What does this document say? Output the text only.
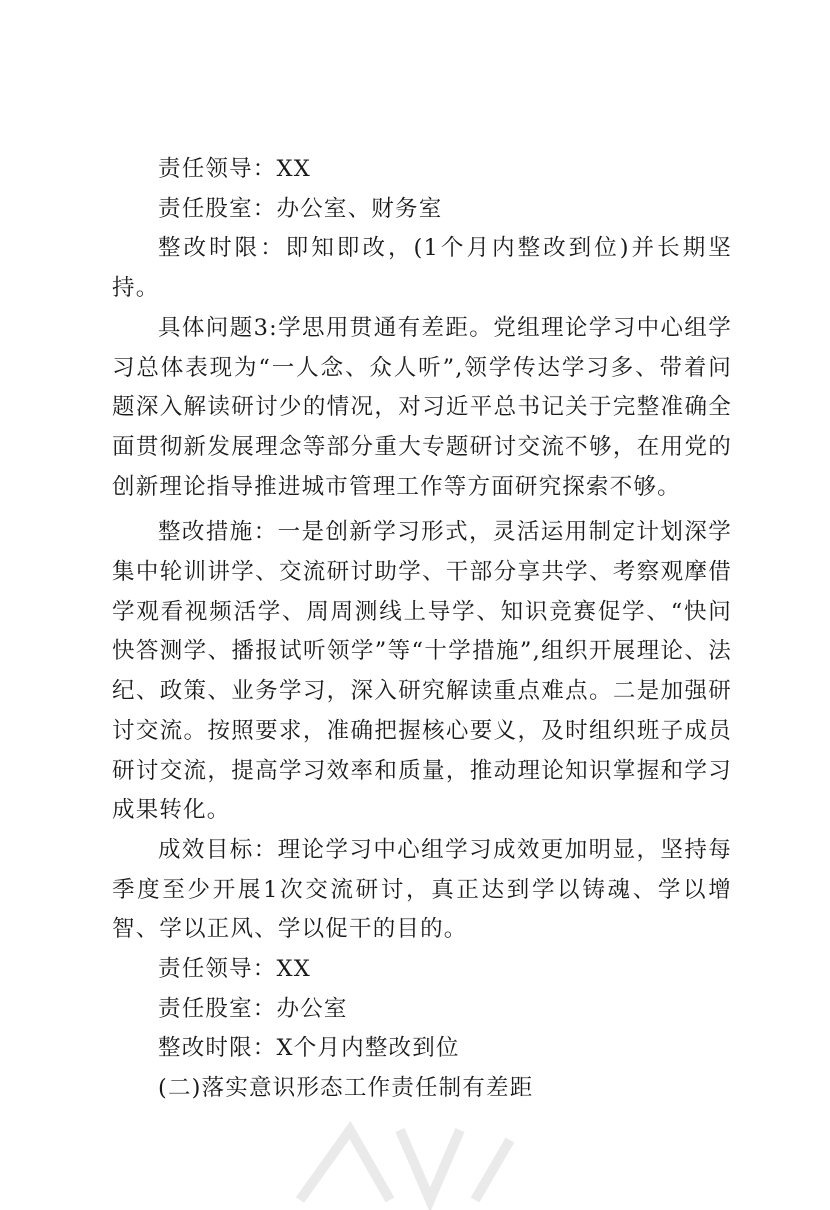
责任领导：XX

责任股室：办公室、财务室

整改时限：即知即改，(1个月内整改到位)并长期坚持。

具体问题3:学思用贯通有差距。党组理论学习中心组学习总体表现为“一人念、众人听”,领学传达学习多、带着问题深入解读研讨少的情况，对习近平总书记关于完整准确全面贯彻新发展理念等部分重大专题研讨交流不够，在用党的创新理论指导推进城市管理工作等方面研究探索不够。

整改措施：一是创新学习形式，灵活运用制定计划深学集中轮训讲学、交流研讨助学、干部分享共学、考察观摩借学观看视频活学、周周测线上导学、知识竞赛促学、“快问快答测学、播报试听领学”等“十学措施”,组织开展理论、法纪、政策、业务学习，深入研究解读重点难点。二是加强研讨交流。按照要求，准确把握核心要义，及时组织班子成员研讨交流，提高学习效率和质量，推动理论知识掌握和学习成果转化。

成效目标：理论学习中心组学习成效更加明显，坚持每季度至少开展1次交流研讨，真正达到学以铸魂、学以增智、学以正风、学以促干的目的。

责任领导：XX

责任股室：办公室

整改时限：X个月内整改到位

(二)落实意识形态工作责任制有差距
